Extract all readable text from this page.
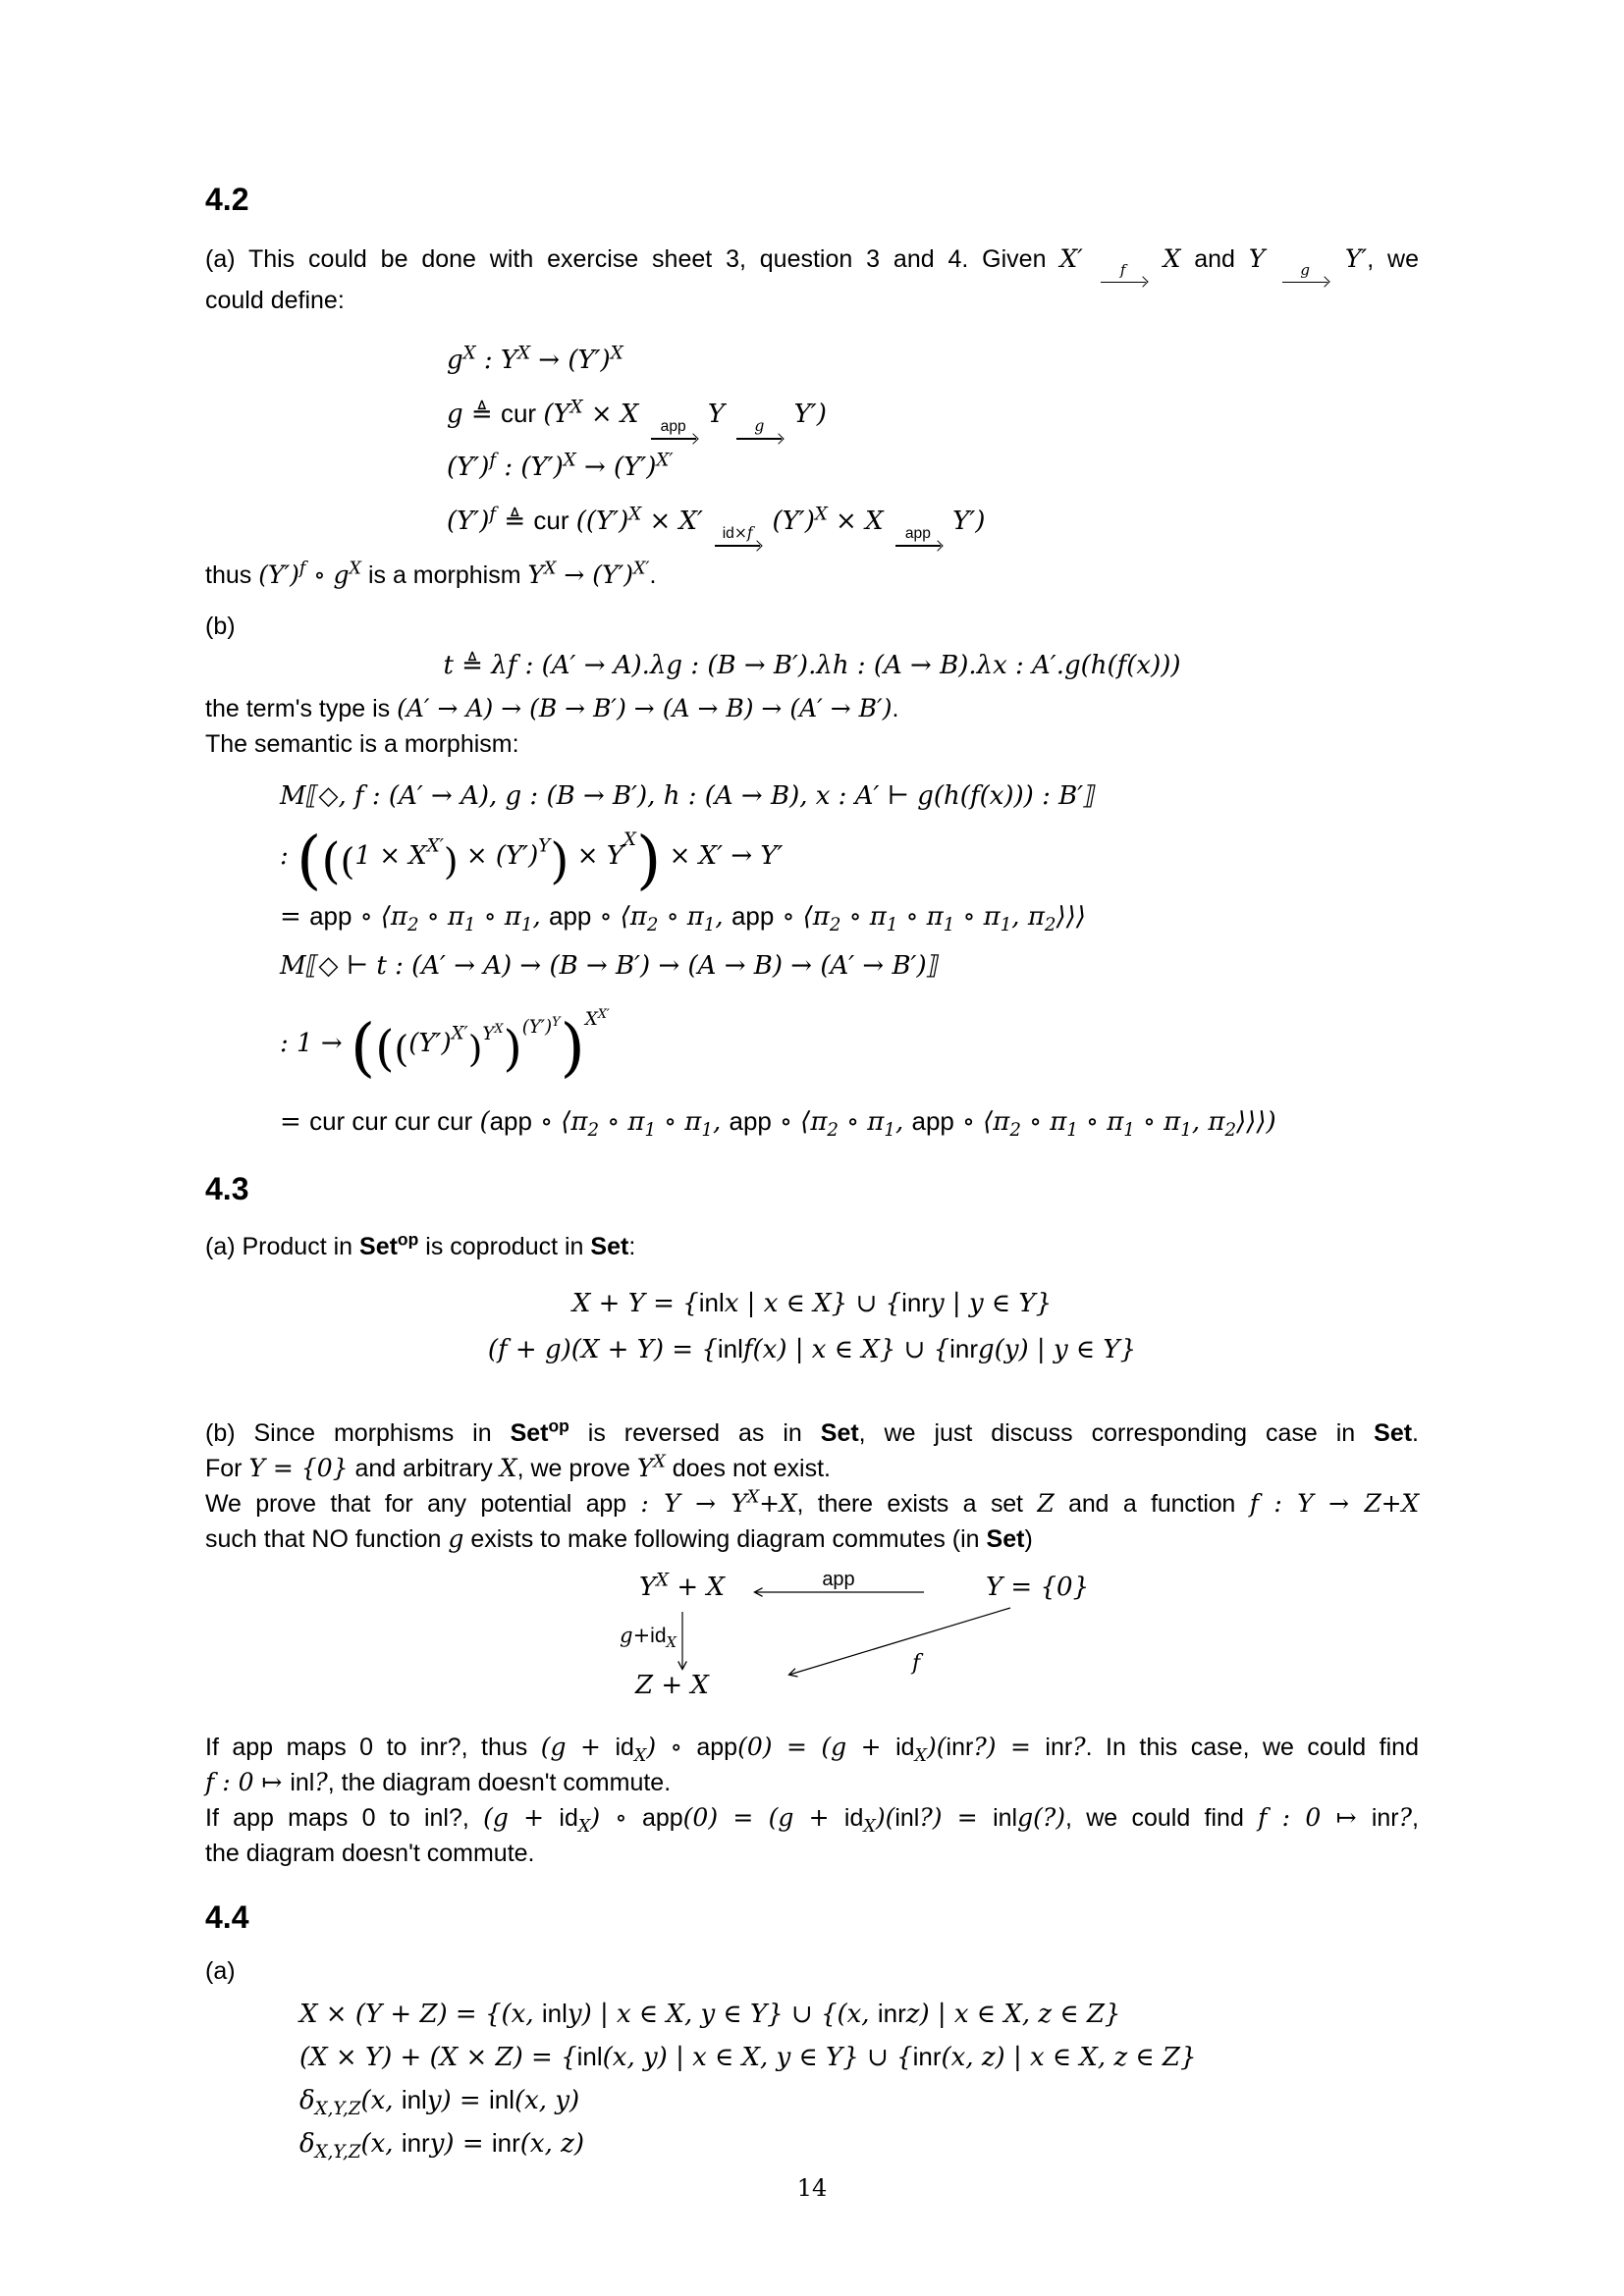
4.2
(a) This could be done with exercise sheet 3, question 3 and 4. Given X′	f X and Y g Y′, we
could define:
$g^X$ : $Y^X \to (Y')^X$
g ≜ cur ($Y^X \times X$ app Y g Y′)
$(Y')^f$ : $(Y')^X \to (Y')^{X'}$
$(Y')^f$ ≜ cur ($(Y')^X \times X'$ id×f $(Y')^X \times X$ app Y′)
thus $(Y')^f$ ∘ $g^X$ is a morphism $Y^X \to (Y')^{X'}$.
(b)
t ≜ λf : (A′ → A).λg : (B → B′).λh : (A → B).λx : A′.g(h(f(x)))
the term's type is (A′ → A) → (B → B′) → (A → B) → (A′ → B′).
The semantic is a morphism:
M⟦◇, f : (A′ → A), g : (B → B′), h : (A → B), x : A′ ⊢ g(h(f(x))) : B′⟧
: $(((1 \times X^{X'}) \times (Y')^Y) \times Y^X) \times X' \to Y'$
= app ∘ $⟨\pi_2$ ∘ $\pi_1$ ∘ $\pi_1$, app ∘ $⟨\pi_2$ ∘ $\pi_1$, app ∘ $⟨\pi_2$ ∘ $\pi_1$ ∘ $\pi_1$ ∘ $\pi_1$, $\pi_2⟩⟩⟩$
M⟦◇ ⊢ t : (A′ → A) → (B → B′) → (A → B) → (A′ → B′)⟧
: $1 \to ((((Y')^{X'})^{Y^X})^{(Y')^Y})^{X^{X'}}$
= cur cur cur cur (app ∘ $⟨\pi_2$ ∘ $\pi_1$ ∘ $\pi_1$, app ∘ $⟨\pi_2$ ∘ $\pi_1$, app ∘ $⟨\pi_2$ ∘ $\pi_1$ ∘ $\pi_1$ ∘ $\pi_1$, $\pi_2⟩⟩⟩$)
4.3
(a) Product in Set$^{op}$ is coproduct in Set:
X + Y = {inlx | x ∈ X} ∪ {inry | y ∈ Y}
(f + g)(X + Y) = {inlf(x) | x ∈ X} ∪ {inrg(y) | y ∈ Y}
(b) Since morphisms in Set$^{op}$ is reversed as in Set, we just discuss corresponding case in Set.
For Y = {0} and arbitrary X, we prove $Y^X$ does not exist.
We prove that for any potential app : $Y \to Y^X+X$, there exists a set Z and a function f : Y → Z+X
such that NO function g exists to make following diagram commutes (in Set)
$Y^X + X$	Y = {0}
Z + X
app
$g+id_X$
f
If app maps 0 to inr?, thus $(g + id_X)$ ∘ $app(0) = (g + id_X)(inr?)$ = inr?. In this case, we could find
f : 0 ↦ inl?, the diagram doesn't commute.
If app maps 0 to inl?, $(g + id_X)$ ∘ $app(0) = (g + id_X)(inl?)$ = inlg(?), we could find f : 0 ↦ inr?,
the diagram doesn't commute.
4.4
(a)
X × (Y + Z) = {(x, inly) | x ∈ X, y ∈ Y} ∪ {(x, inrz) | x ∈ X, z ∈ Z}
(X × Y) + (X × Z) = {inl(x, y) | x ∈ X, y ∈ Y} ∪ {inr(x, z) | x ∈ X, z ∈ Z}
$\delta_{X,Y,Z}(x$, inly) = inl(x, y)
$\delta_{X,Y,Z}(x$, inry) = inr(x, z)
14
